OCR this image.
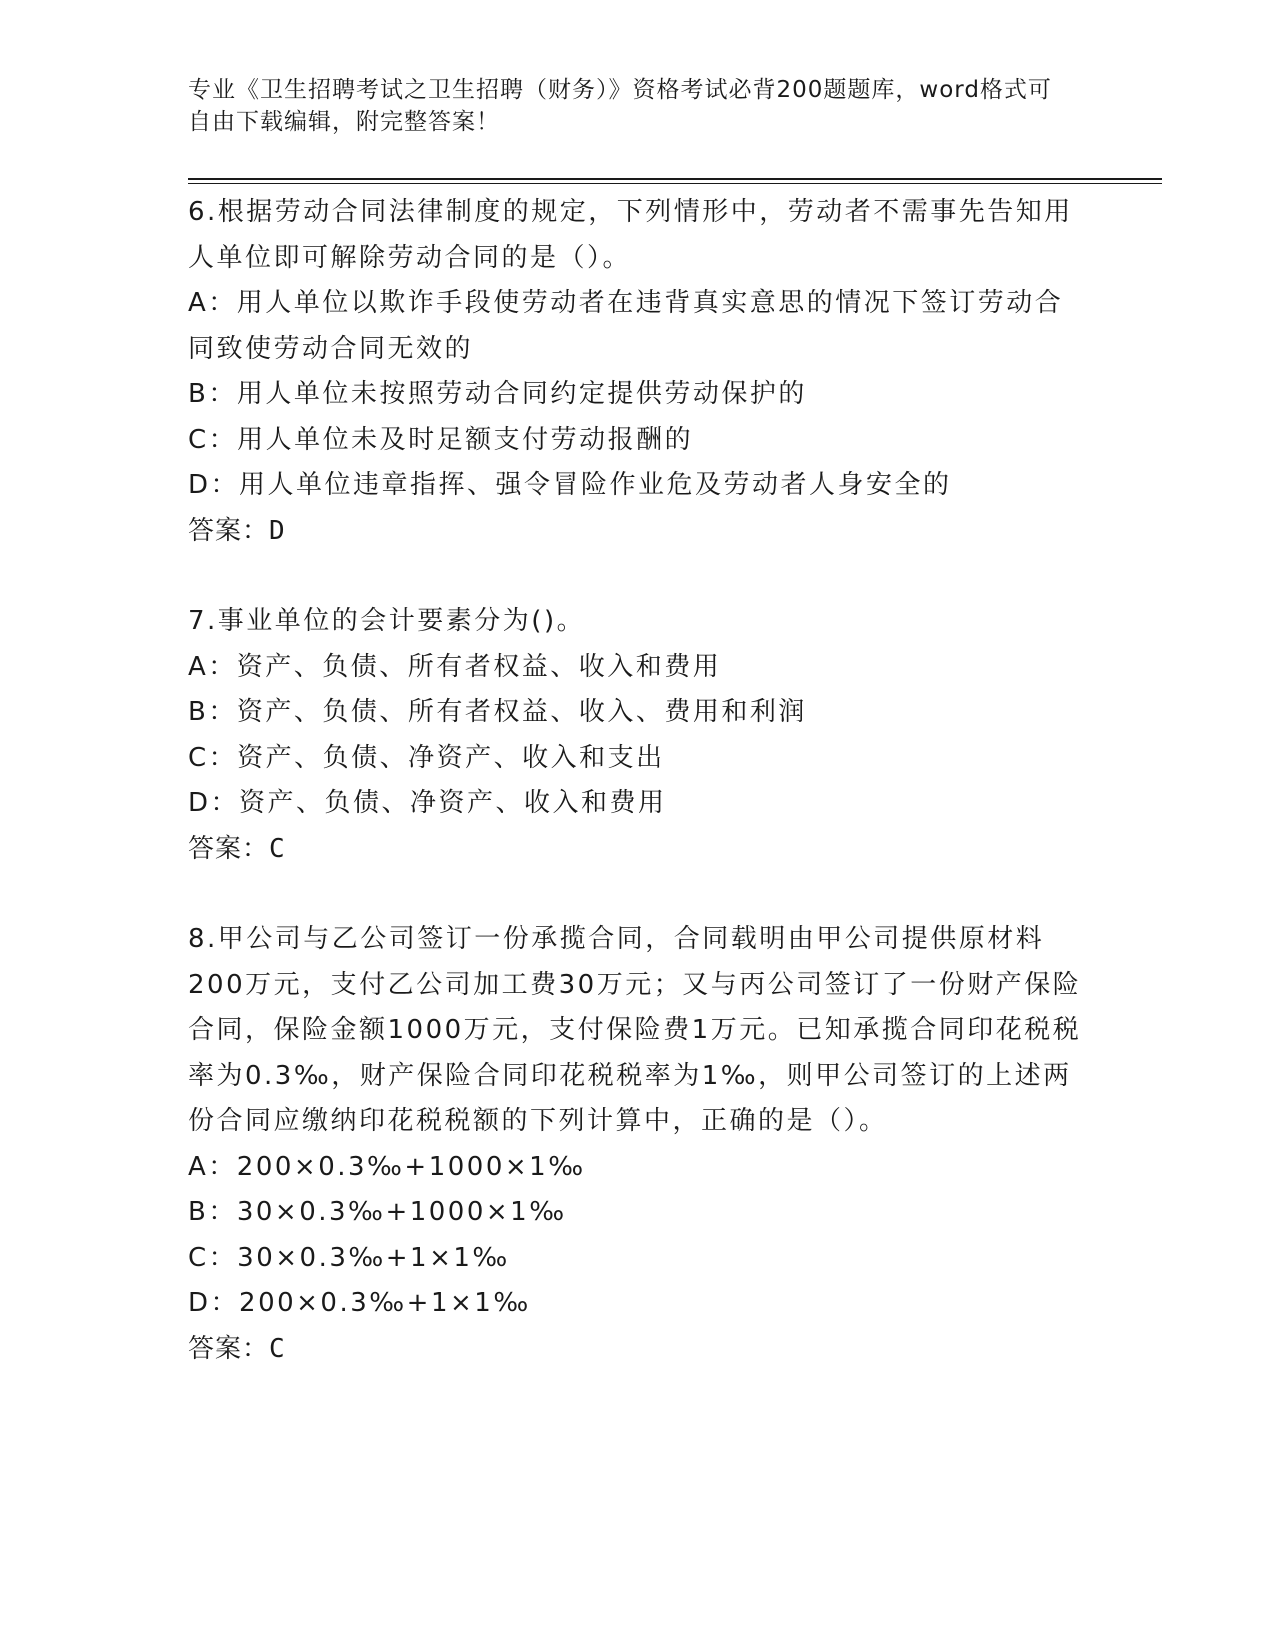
专业《卫生招聘考试之卫生招聘（财务）》资格考试必背200题题库，word格式可自由下载编辑，附完整答案！

6.根据劳动合同法律制度的规定，下列情形中，劳动者不需事先告知用人单位即可解除劳动合同的是（）。

A：用人单位以欺诈手段使劳动者在违背真实意思的情况下签订劳动合同致使劳动合同无效的

B：用人单位未按照劳动合同约定提供劳动保护的

C：用人单位未及时足额支付劳动报酬的

D：用人单位违章指挥、强令冒险作业危及劳动者人身安全的

答案：D

7.事业单位的会计要素分为()。

A：资产、负债、所有者权益、收入和费用

B：资产、负债、所有者权益、收入、费用和利润

C：资产、负债、净资产、收入和支出

D：资产、负债、净资产、收入和费用

答案：C

8.甲公司与乙公司签订一份承揽合同，合同载明由甲公司提供原材料200万元，支付乙公司加工费30万元；又与丙公司签订了一份财产保险合同，保险金额1000万元，支付保险费1万元。已知承揽合同印花税税率为0.3‰，财产保险合同印花税税率为1‰，则甲公司签订的上述两份合同应缴纳印花税税额的下列计算中，正确的是（）。

A：200×0.3‰+1000×1‰

B：30×0.3‰+1000×1‰

C：30×0.3‰+1×1‰

D：200×0.3‰+1×1‰

答案：C
